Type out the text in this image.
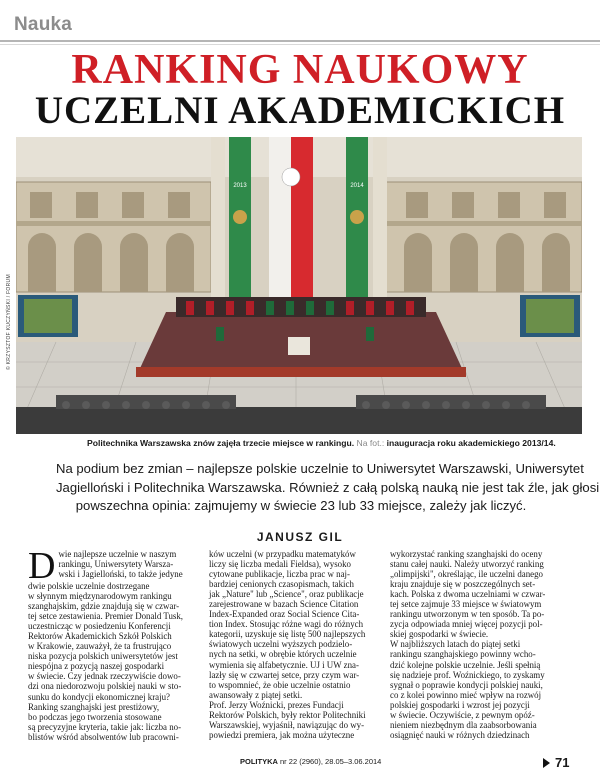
Nauka
RANKING NAUKOWY
UCZELNI AKADEMICKICH
2013	2014
© KRZYSZTOF KUCZYŃSKI / FORUM
Politechnika Warszawska znów zajęła trzecie miejsce w rankingu. Na fot.: inauguracja roku akademickiego 2013/14.
Na podium bez zmian – najlepsze polskie uczelnie to Uniwersytet Warszawski, Uniwersytet
Jagielloński i Politechnika Warszawska. Również z całą polską nauką nie jest tak źle, jak głosi
powszechna opinia: zajmujemy w świecie 23 lub 33 miejsce, zależy jak liczyć.
JANUSZ GIL
D wie najlepsze uczelnie w naszym
rankingu, Uniwersytety Warsza-
wski i Jagielloński, to także jedyne
dwie polskie uczelnie dostrzegane
w słynnym międzynarodowym rankingu
szanghajskim, gdzie znajdują się w czwar-
tej setce zestawienia. Premier Donald Tusk,
uczestnicząc w posiedzeniu Konferencji
Rektorów Akademickich Szkół Polskich
w Krakowie, zauważył, że ta frustrująco
niska pozycja polskich uniwersytetów jest
niespójna z pozycją naszej gospodarki
w świecie. Czy jednak rzeczywiście dowo-
dzi ona niedorozwoju polskiej nauki w sto-
sunku do kondycji ekonomicznej kraju?
Ranking szanghajski jest prestiżowy,
bo podczas jego tworzenia stosowane
są precyzyjne kryteria, takie jak: liczba no-
blistów wśród absolwentów lub pracowni-
ków uczelni (w przypadku matematyków
liczy się liczba medali Fieldsa), wysoko
cytowane publikacje, liczba prac w naj-
bardziej cenionych czasopismach, takich
jak „Nature" lub „Science", oraz publikacje
zarejestrowane w bazach Science Citation
Index-Expanded oraz Social Science Cita-
tion Index. Stosując różne wagi do różnych
kategorii, uzyskuje się listę 500 najlepszych
światowych uczelni wyższych podzielo-
nych na setki, w obrębie których uczelnie
wymienia się alfabetycznie. UJ i UW zna-
lazły się w czwartej setce, przy czym war-
to wspomnieć, że obie uczelnie ostatnio
awansowały z piątej setki.
Prof. Jerzy Woźnicki, prezes Fundacji
Rektorów Polskich, były rektor Politechniki
Warszawskiej, wyjaśnił, nawiązując do wy-
powiedzi premiera, jak można użyteczne
wykorzystać ranking szanghajski do oceny
stanu całej nauki. Należy utworzyć ranking
„olimpijski", określając, ile uczelni danego
kraju znajduje się w poszczególnych set-
kach. Polska z dwoma uczelniami w czwar-
tej setce zajmuje 33 miejsce w światowym
rankingu utworzonym w ten sposób. Ta po-
zycja odpowiada mniej więcej pozycji pol-
skiej gospodarki w świecie.
W najbliższych latach do piątej setki
rankingu szanghajskiego powinny wcho-
dzić kolejne polskie uczelnie. Jeśli spełnią
się nadzieje prof. Woźnickiego, to zyskamy
sygnał o poprawie kondycji polskiej nauki,
co z kolei powinno mieć wpływ na rozwój
polskiej gospodarki i wzrost jej pozycji
w świecie. Oczywiście, z pewnym opóź-
nieniem niezbędnym dla zaabsorbowania
osiągnięć nauki w różnych dziedzinach
POLITYKA nr 22 (2960), 28.05–3.06.2014	71
